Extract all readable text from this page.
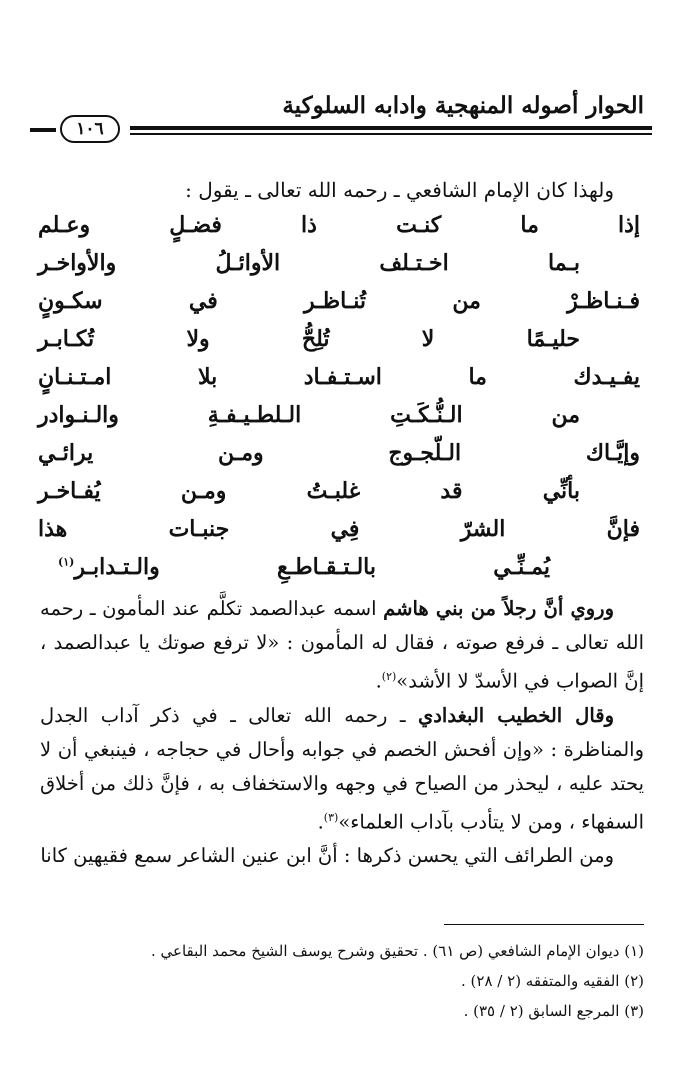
الحوار أصوله المنهجية وادابه السلوكية
١٠٦
ولهذا كان الإمام الشافعي ـ رحمه الله تعالى ـ يقول :
إذا
ما
كنـت
ذا
فضـلٍ
وعـلم
بـما
اخـتـلف
الأوائـلُ
والأواخـر
فـنـاظـرْ
من
تُنـاظـر
في
سكـونٍ
حليـمًا
لا
تُلِحُّ
ولا
تُكـابـر
يفـيـدك
ما
اسـتـفـاد
بلا
امـتـنـانٍ
من
الـنُّـكَـتِ
الـلطـيـفـةِ
والـنـوادر
وإيَّـاك
الـلّجـوج
ومـن
يرائـي
بأنِّي
قد
غلبـتُ
ومـن
يُفـاخـر
فإنَّ
الشرّ
فِي
جنبـات
هذا
يُمـنِّـي
بالـتـقـاطـعِ
والـتـدابـر$^{(١)}$

وروي أنَّ رجلاً من بني هاشم اسمه عبدالصمد تكلَّم عند المأمون ـ رحمه الله تعالى ـ فرفع صوته ، فقال له المأمون : «لا ترفع صوتك يا عبدالصمد ، إنَّ الصواب في الأسدّ لا الأشد»$^{(٢)}$.

وقال الخطيب البغدادي ـ رحمه الله تعالى ـ في ذكر آداب الجدل والمناظرة : «وإن أفحش الخصم في جوابه وأحال في حجاجه ، فينبغي أن لا يحتد عليه ، ليحذر من الصياح في وجهه والاستخفاف به ، فإنَّ ذلك من أخلاق السفهاء ، ومن لا يتأدب بآداب العلماء»$^{(٣)}$.

ومن الطرائف التي يحسن ذكرها : أنَّ ابن عنين الشاعر سمع فقيهين كانا

(١) ديوان الإمام الشافعي (ص ٦١) . تحقيق وشرح يوسف الشيخ محمد البقاعي .
(٢) الفقيه والمتفقه (٢ / ٢٨) .
(٣) المرجع السابق (٢ / ٣٥) .
